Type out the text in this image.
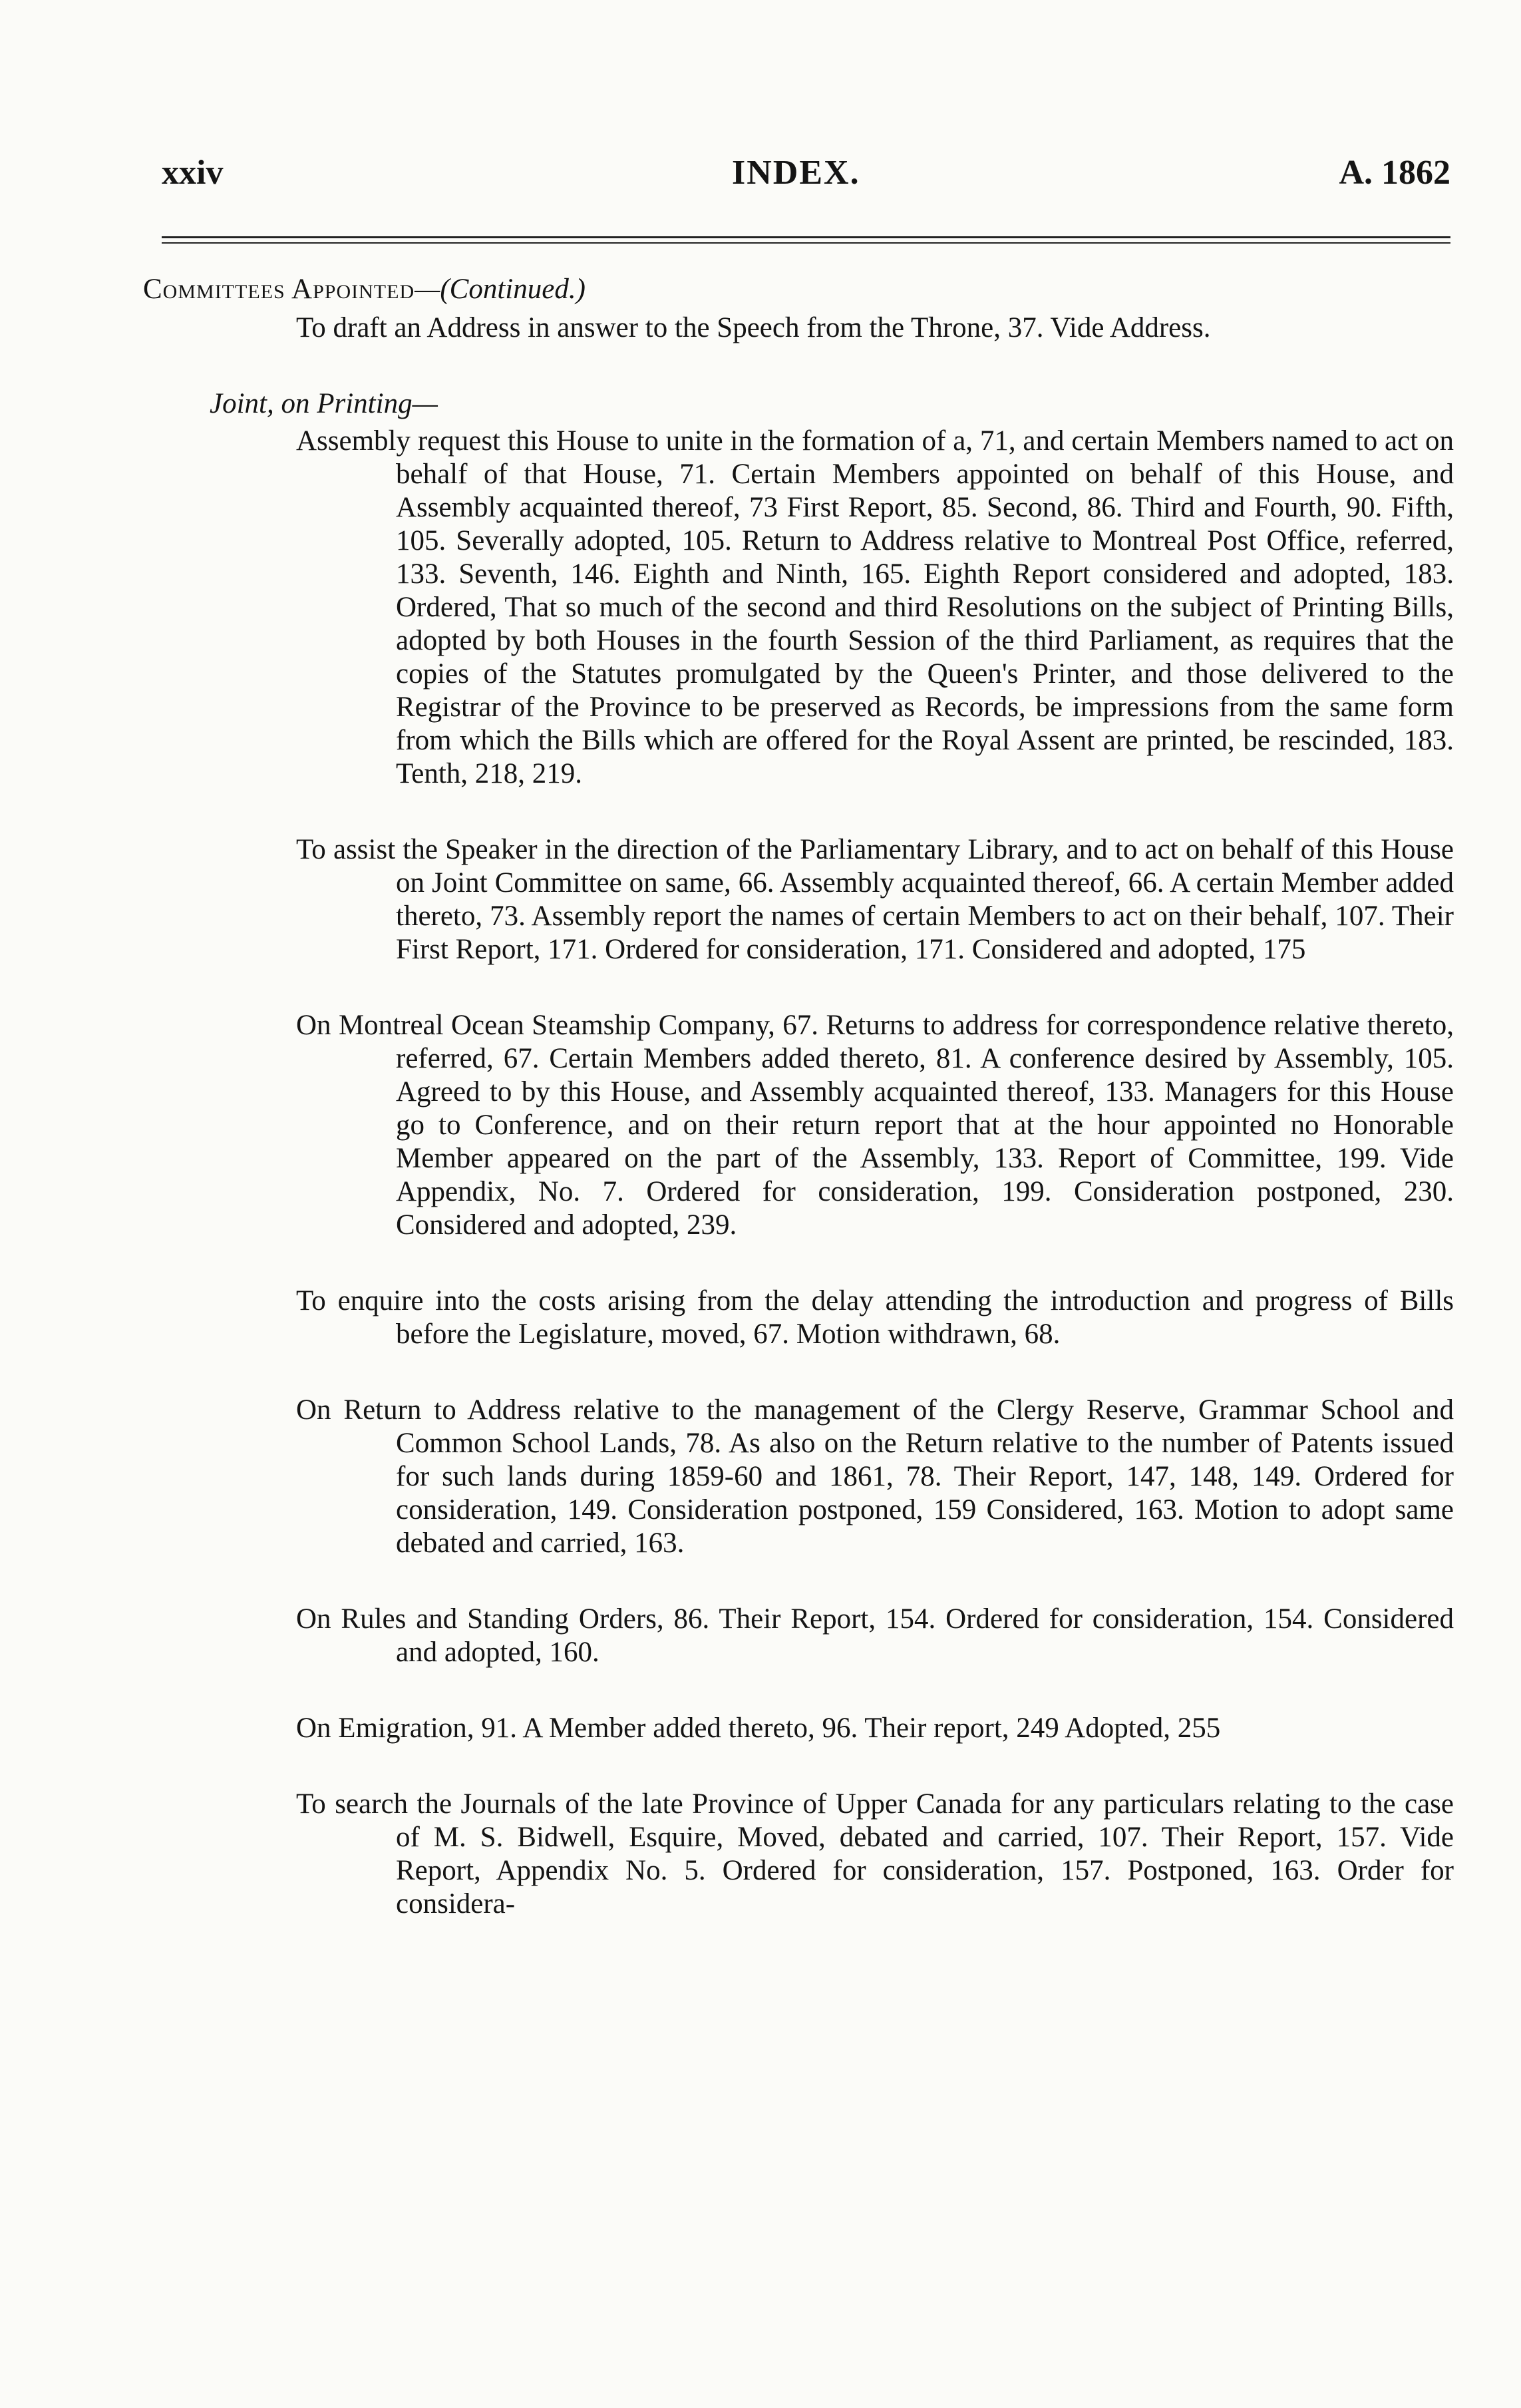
xxiv	INDEX.	A. 1862

Committees Appointed—(Continued.)

To draft an Address in answer to the Speech from the Throne, 37. Vide Address.

Joint, on Printing—

Assembly request this House to unite in the formation of a, 71, and certain Members named to act on behalf of that House, 71. Certain Members appointed on behalf of this House, and Assembly acquainted thereof, 73 First Report, 85. Second, 86. Third and Fourth, 90. Fifth, 105. Severally adopted, 105. Return to Address relative to Montreal Post Office, referred, 133. Seventh, 146. Eighth and Ninth, 165. Eighth Report considered and adopted, 183. Ordered, That so much of the second and third Resolutions on the subject of Printing Bills, adopted by both Houses in the fourth Session of the third Parliament, as requires that the copies of the Statutes promulgated by the Queen's Printer, and those delivered to the Registrar of the Province to be preserved as Records, be impressions from the same form from which the Bills which are offered for the Royal Assent are printed, be rescinded, 183. Tenth, 218, 219.

To assist the Speaker in the direction of the Parliamentary Library, and to act on behalf of this House on Joint Committee on same, 66. Assembly acquainted thereof, 66. A certain Member added thereto, 73. Assembly report the names of certain Members to act on their behalf, 107. Their First Report, 171. Ordered for consideration, 171. Considered and adopted, 175

On Montreal Ocean Steamship Company, 67. Returns to address for correspondence relative thereto, referred, 67. Certain Members added thereto, 81. A conference desired by Assembly, 105. Agreed to by this House, and Assembly acquainted thereof, 133. Managers for this House go to Conference, and on their return report that at the hour appointed no Honorable Member appeared on the part of the Assembly, 133. Report of Committee, 199. Vide Appendix, No. 7. Ordered for consideration, 199. Consideration postponed, 230. Considered and adopted, 239.

To enquire into the costs arising from the delay attending the introduction and progress of Bills before the Legislature, moved, 67. Motion withdrawn, 68.

On Return to Address relative to the management of the Clergy Reserve, Grammar School and Common School Lands, 78. As also on the Return relative to the number of Patents issued for such lands during 1859-60 and 1861, 78. Their Report, 147, 148, 149. Ordered for consideration, 149. Consideration postponed, 159 Considered, 163. Motion to adopt same debated and carried, 163.

On Rules and Standing Orders, 86. Their Report, 154. Ordered for consideration, 154. Considered and adopted, 160.

On Emigration, 91. A Member added thereto, 96. Their report, 249 Adopted, 255

To search the Journals of the late Province of Upper Canada for any particulars relating to the case of M. S. Bidwell, Esquire, Moved, debated and carried, 107. Their Report, 157. Vide Report, Appendix No. 5. Ordered for consideration, 157. Postponed, 163. Order for considera-
